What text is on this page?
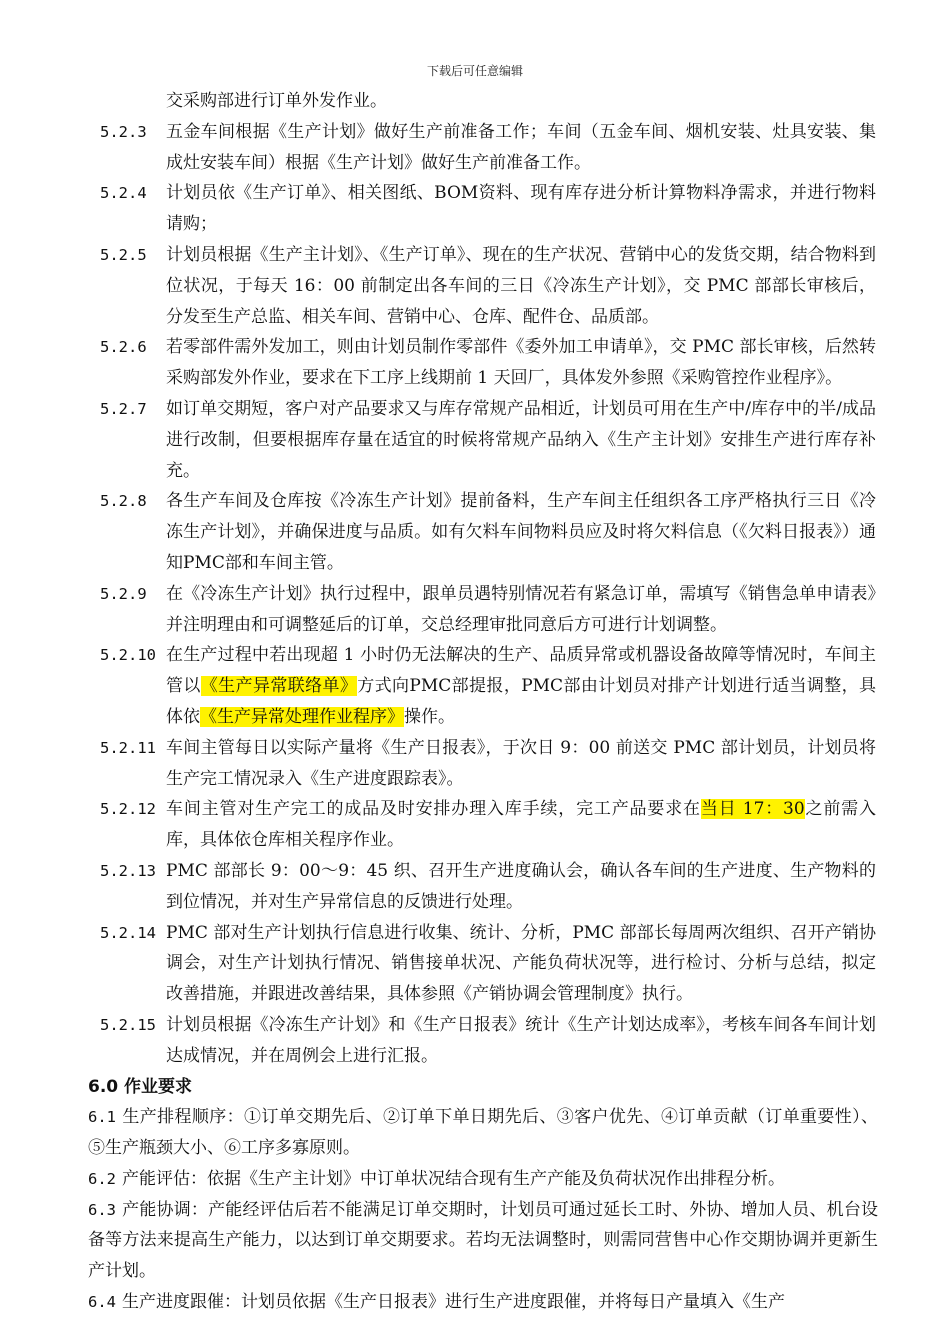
下载后可任意编辑
交采购部进行订单外发作业。
5.2.3 五金车间根据《生产计划》做好生产前准备工作；车间（五金车间、烟机安装、灶具安装、集成灶安装车间）根据《生产计划》做好生产前准备工作。
5.2.4 计划员依《生产订单》、相关图纸、BOM资料、现有库存进分析计算物料净需求，并进行物料请购；
5.2.5 计划员根据《生产主计划》、《生产订单》、现在的生产状况、营销中心的发货交期，结合物料到位状况，于每天 16：00 前制定出各车间的三日《冷冻生产计划》，交 PMC 部部长审核后，分发至生产总监、相关车间、营销中心、仓库、配件仓、品质部。
5.2.6 若零部件需外发加工，则由计划员制作零部件《委外加工申请单》，交 PMC 部长审核，后然转采购部发外作业，要求在下工序上线期前 1 天回厂，具体发外参照《采购管控作业程序》。
5.2.7 如订单交期短，客户对产品要求又与库存常规产品相近，计划员可用在生产中/库存中的半/成品进行改制，但要根据库存量在适宜的时候将常规产品纳入《生产主计划》安排生产进行库存补充。
5.2.8 各生产车间及仓库按《冷冻生产计划》提前备料，生产车间主任组织各工序严格执行三日《冷冻生产计划》，并确保进度与品质。如有欠料车间物料员应及时将欠料信息（《欠料日报表》）通知PMC部和车间主管。
5.2.9 在《冷冻生产计划》执行过程中，跟单员遇特别情况若有紧急订单，需填写《销售急单申请表》并注明理由和可调整延后的订单，交总经理审批同意后方可进行计划调整。
5.2.10 在生产过程中若出现超 1 小时仍无法解决的生产、品质异常或机器设备故障等情况时，车间主管以《生产异常联络单》方式向PMC部提报，PMC部由计划员对排产计划进行适当调整，具体依《生产异常处理作业程序》操作。
5.2.11 车间主管每日以实际产量将《生产日报表》，于次日 9：00 前送交 PMC 部计划员，计划员将生产完工情况录入《生产进度跟踪表》。
5.2.12 车间主管对生产完工的成品及时安排办理入库手续，完工产品要求在当日 17：30之前需入库，具体依仓库相关程序作业。
5.2.13 PMC 部部长 9：00～9：45 织、召开生产进度确认会，确认各车间的生产进度、生产物料的到位情况，并对生产异常信息的反馈进行处理。
5.2.14 PMC 部对生产计划执行信息进行收集、统计、分析，PMC 部部长每周两次组织、召开产销协调会，对生产计划执行情况、销售接单状况、产能负荷状况等，进行检讨、分析与总结，拟定改善措施，并跟进改善结果，具体参照《产销协调会管理制度》执行。
5.2.15 计划员根据《冷冻生产计划》和《生产日报表》统计《生产计划达成率》，考核车间各车间计划达成情况，并在周例会上进行汇报。
6.0 作业要求
6.1 生产排程顺序：①订单交期先后、②订单下单日期先后、③客户优先、④订单贡献（订单重要性）、⑤生产瓶颈大小、⑥工序多寡原则。
6.2 产能评估：依据《生产主计划》中订单状况结合现有生产产能及负荷状况作出排程分析。
6.3 产能协调：产能经评估后若不能满足订单交期时，计划员可通过延长工时、外协、增加人员、机台设备等方法来提高生产能力，以达到订单交期要求。若均无法调整时，则需同营售中心作交期协调并更新生产计划。
6.4 生产进度跟催：计划员依据《生产日报表》进行生产进度跟催，并将每日产量填入《生产
